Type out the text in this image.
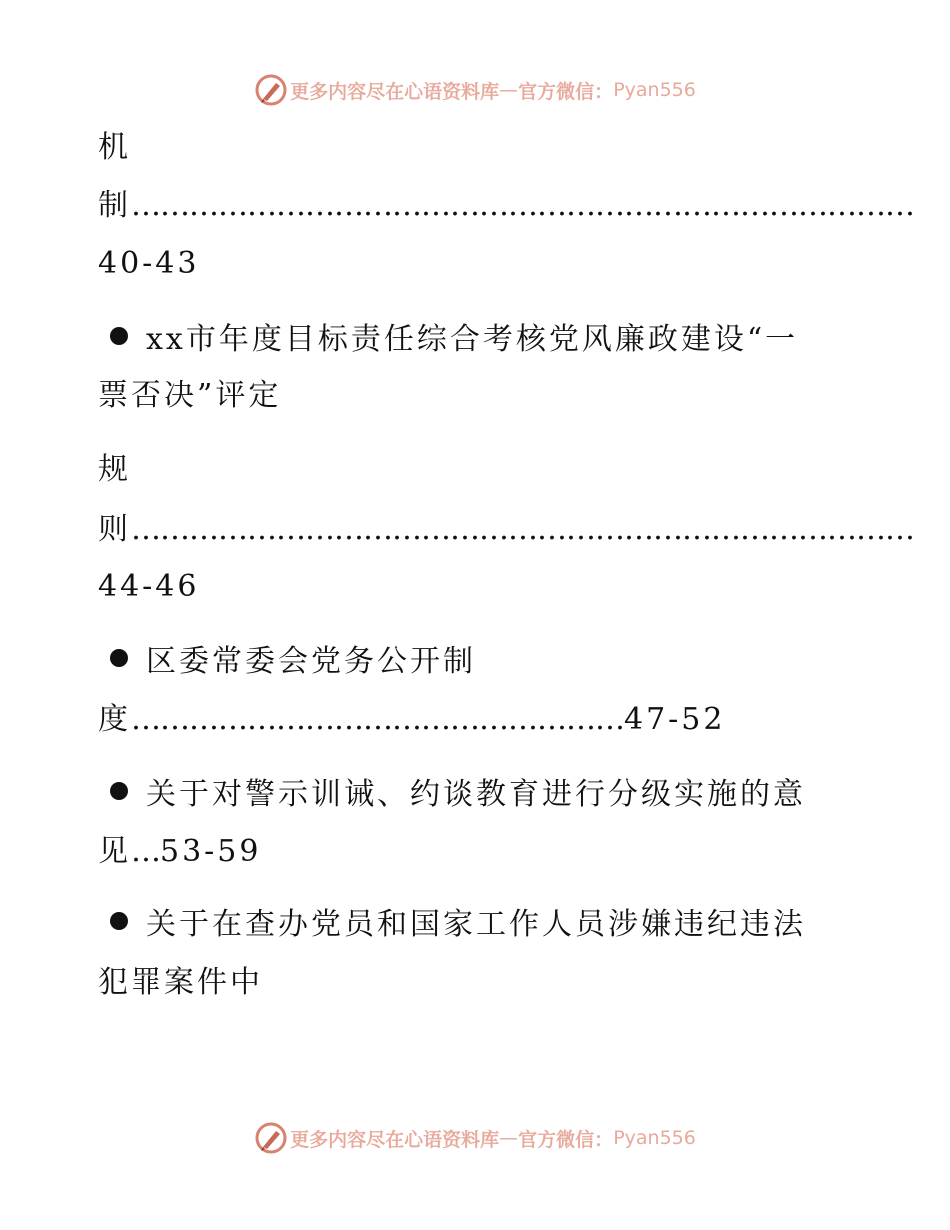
更多内容尽在心语资料库 — 官方微信： Pyan556
机
制………………………………………………………………………
40-43
xx市年度目标责任综合考核党风廉政建设“一
票否决”评定
规
则………………………………………………………………………
44-46
区委常委会党务公开制
度……………………………………………47-52
关于对警示训诫、约谈教育进行分级实施的意
见…53-59
关于在查办党员和国家工作人员涉嫌违纪违法
犯罪案件中
更多内容尽在心语资料库 — 官方微信： Pyan556
